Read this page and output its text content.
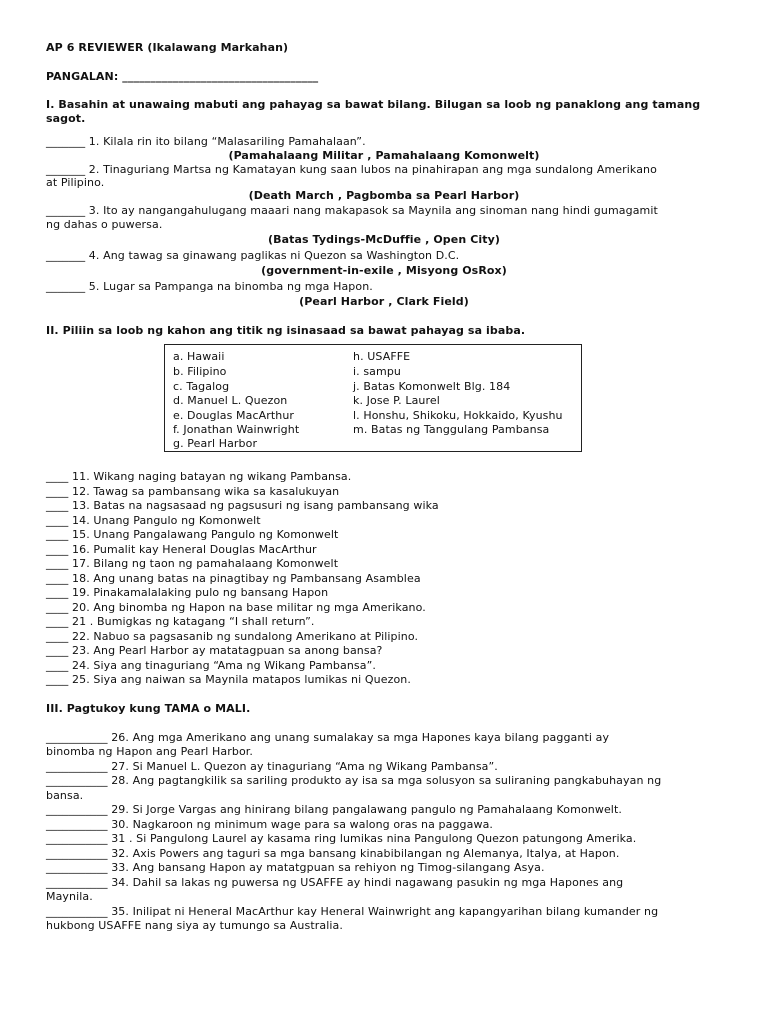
AP 6 REVIEWER (Ikalawang Markahan)
PANGALAN: ___________________________________
I. Basahin at unawaing mabuti ang pahayag sa bawat bilang. Bilugan sa loob ng panaklong ang tamang
sagot.
_______ 1. Kilala rin ito bilang “Malasariling Pamahalaan”.
(Pamahalaang Militar , Pamahalaang Komonwelt)
_______ 2. Tinaguriang Martsa ng Kamatayan kung saan lubos na pinahirapan ang mga sundalong Amerikano
at Pilipino.
(Death March , Pagbomba sa Pearl Harbor)
_______ 3. Ito ay nangangahulugang maaari nang makapasok sa Maynila ang sinoman nang hindi gumagamit
ng dahas o puwersa.
(Batas Tydings-McDuffie , Open City)
_______ 4. Ang tawag sa ginawang paglikas ni Quezon sa Washington D.C.
(government-in-exile , Misyong OsRox)
_______ 5. Lugar sa Pampanga na binomba ng mga Hapon.
(Pearl Harbor , Clark Field)
II. Piliin sa loob ng kahon ang titik ng isinasaad sa bawat pahayag sa ibaba.
a. Hawaii
b. Filipino
c. Tagalog
d. Manuel L. Quezon
e. Douglas MacArthur
f. Jonathan Wainwright
g. Pearl Harbor
h. USAFFE
i. sampu
j. Batas Komonwelt Blg. 184
k. Jose P. Laurel
l. Honshu, Shikoku, Hokkaido, Kyushu
m. Batas ng Tanggulang Pambansa
____ 11. Wikang naging batayan ng wikang Pambansa.
____ 12. Tawag sa pambansang wika sa kasalukuyan
____ 13. Batas na nagsasaad ng pagsusuri ng isang pambansang wika
____ 14. Unang Pangulo ng Komonwelt
____ 15. Unang Pangalawang Pangulo ng Komonwelt
____ 16. Pumalit kay Heneral Douglas MacArthur
____ 17. Bilang ng taon ng pamahalaang Komonwelt
____ 18. Ang unang batas na pinagtibay ng Pambansang Asamblea
____ 19. Pinakamalalaking pulo ng bansang Hapon
____ 20. Ang binomba ng Hapon na base militar ng mga Amerikano.
____ 21 . Bumigkas ng katagang “I shall return”.
____ 22. Nabuo sa pagsasanib ng sundalong Amerikano at Pilipino.
____ 23. Ang Pearl Harbor ay matatagpuan sa anong bansa?
____ 24. Siya ang tinaguriang “Ama ng Wikang Pambansa”.
____ 25. Siya ang naiwan sa Maynila matapos lumikas ni Quezon.
III. Pagtukoy kung TAMA o MALI.
___________ 26. Ang mga Amerikano ang unang sumalakay sa mga Hapones kaya bilang pagganti ay
binomba ng Hapon ang Pearl Harbor.
___________ 27. Si Manuel L. Quezon ay tinaguriang “Ama ng Wikang Pambansa”.
___________ 28. Ang pagtangkilik sa sariling produkto ay isa sa mga solusyon sa suliraning pangkabuhayan ng
bansa.
___________ 29. Si Jorge Vargas ang hinirang bilang pangalawang pangulo ng Pamahalaang Komonwelt.
___________ 30. Nagkaroon ng minimum wage para sa walong oras na paggawa.
___________ 31 . Si Pangulong Laurel ay kasama ring lumikas nina Pangulong Quezon patungong Amerika.
___________ 32. Axis Powers ang taguri sa mga bansang kinabibilangan ng Alemanya, Italya, at Hapon.
___________ 33. Ang bansang Hapon ay matatgpuan sa rehiyon ng Timog-silangang Asya.
___________ 34. Dahil sa lakas ng puwersa ng USAFFE ay hindi nagawang pasukin ng mga Hapones ang
Maynila.
___________ 35. Inilipat ni Heneral MacArthur kay Heneral Wainwright ang kapangyarihan bilang kumander ng
hukbong USAFFE nang siya ay tumungo sa Australia.
